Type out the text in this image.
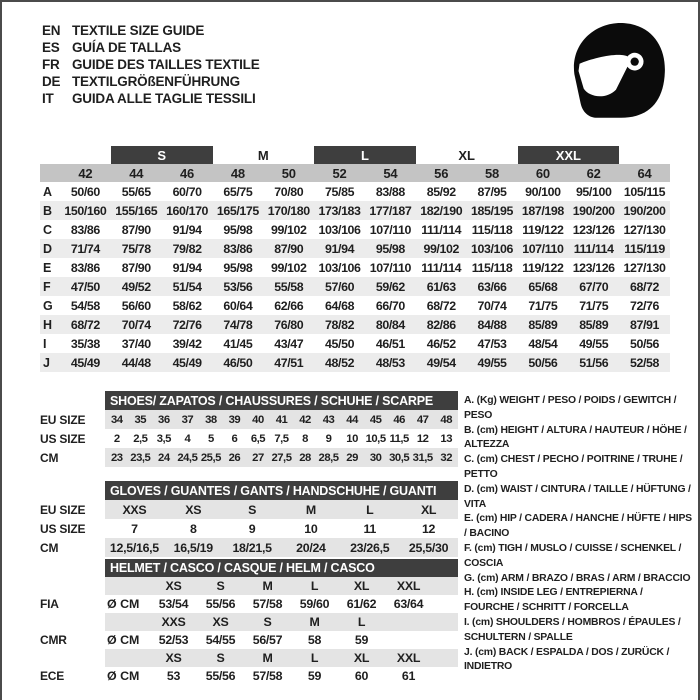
EN TEXTILE SIZE GUIDE
ES GUÍA DE TALLAS
FR GUIDE DES TAILLES TEXTILE
DE TEXTILGRÖßENFÜHRUNG
IT	GUIDA ALLE TAGLIE TESSILI
S	M	L	XL	XXL
42	44	46	48	50	52	54	56	58	60	62	64
A	50/60	55/65	60/70	65/75	70/80	75/85	83/88	85/92	87/95	90/100	95/100	105/115
B 150/160 155/165 160/170 165/175 170/180 173/183 177/187 182/190 185/195 187/198 190/200 190/200
C	83/86	87/90	91/94	95/98	99/102 103/106 107/110 111/114 115/118 119/122 123/126 127/130
D	71/74	75/78	79/82	83/86	87/90	91/94	95/98	99/102 103/106 107/110 111/114 115/119
E	83/86	87/90	91/94	95/98	99/102 103/106 107/110 111/114 115/118 119/122 123/126 127/130
F	47/50	49/52	51/54	53/56	55/58	57/60	59/62	61/63	63/66	65/68	67/70	68/72
G	54/58	56/60	58/62	60/64	62/66	64/68	66/70	68/72	70/74	71/75	71/75	72/76
H	68/72	70/74	72/76	74/78	76/80	78/82	80/84	82/86	84/88	85/89	85/89	87/91
I	35/38	37/40	39/42	41/45	43/47	45/50	46/51	46/52	47/53	48/54	49/55	50/56
J	45/49	44/48	45/49	46/50	47/51	48/52	48/53	49/54	49/55	50/56	51/56	52/58
SHOES/ ZAPATOS / CHAUSSURES / SCHUHE / SCARPE
EU SIZE	34	35	36	37	38	39	40	41	42	43	44	45	46	47	48
US SIZE	2	2,5 3,5	4	5	6	6,5 7,5	8	9	10 10,5 11,5 12	13
CM	23 23,5 24 24,5 25,5 26	27 27,5 28 28,5 29	30 30,5 31,5 32
GLOVES / GUANTES / GANTS / HANDSCHUHE / GUANTI
EU SIZE	XXS	XS	S	M	L	XL
US SIZE	7	8	9	10	11	12
CM	12,5/16,5	16,5/19	18/21,5	20/24	23/26,5	25,5/30
HELMET / CASCO / CASQUE / HELM / CASCO
XS	S	M	L	XL	XXL
FIA	Ø CM	53/54	55/56	57/58	59/60	61/62	63/64
XXS	XS	S	M	L
CMR	Ø CM	52/53	54/55	56/57	58	59
XS	S	M	L	XL	XXL
ECE	Ø CM	53	55/56	57/58	59	60	61
A. (Kg) WEIGHT / PESO / POIDS / GEWITCH / PESO
B. (cm) HEIGHT / ALTURA / HAUTEUR / HÖHE / ALTEZZA
C. (cm) CHEST / PECHO / POITRINE / TRUHE / PETTO
D. (cm) WAIST / CINTURA / TAILLE / HÜFTUNG / VITA
E. (cm) HIP / CADERA / HANCHE / HÜFTE / HIPS / BACINO
F. (cm) TIGH / MUSLO / CUISSE / SCHENKEL / COSCIA
G. (cm) ARM / BRAZO / BRAS / ARM / BRACCIO
H. (cm) INSIDE LEG / ENTREPIERNA / FOURCHE / SCHRITT / FORCELLA
I. (cm) SHOULDERS / HOMBROS / ÉPAULES / SCHULTERN / SPALLE
J. (cm) BACK / ESPALDA / DOS / ZURÜCK / INDIETRO
